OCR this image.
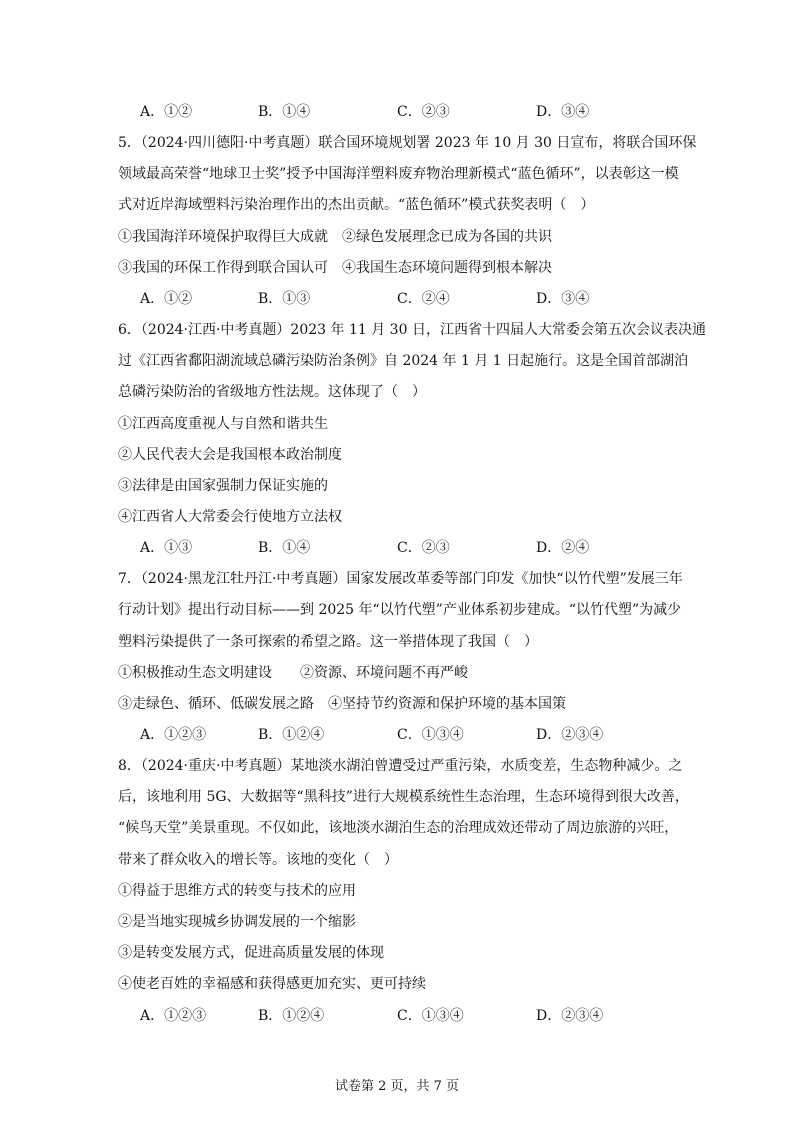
A．①②	B．①④	C．②③	D．③④
5．（2024·四川德阳·中考真题）联合国环境规划署 2023 年 10 月 30 日宣布，将联合国环保
领域最高荣誉“地球卫士奖”授予中国海洋塑料废弃物治理新模式“蓝色循环”，以表彰这一模
式对近岸海域塑料污染治理作出的杰出贡献。“蓝色循环”模式获奖表明（　）
①我国海洋环境保护取得巨大成就　②绿色发展理念已成为各国的共识
③我国的环保工作得到联合国认可　④我国生态环境问题得到根本解决
A．①②	B．①③	C．②④	D．③④
6．（2024·江西·中考真题）2023 年 11 月 30 日，江西省十四届人大常委会第五次会议表决通
过《江西省鄱阳湖流域总磷污染防治条例》自 2024 年 1 月 1 日起施行。这是全国首部湖泊
总磷污染防治的省级地方性法规。这体现了（　）
①江西高度重视人与自然和谐共生
②人民代表大会是我国根本政治制度
③法律是由国家强制力保证实施的
④江西省人大常委会行使地方立法权
A．①③	B．①④	C．②③	D．②④
7．（2024·黑龙江牡丹江·中考真题）国家发展改革委等部门印发《加快“以竹代塑”发展三年
行动计划》提出行动目标——到 2025 年“以竹代塑”产业体系初步建成。“以竹代塑”为减少
塑料污染提供了一条可探索的希望之路。这一举措体现了我国（　）
①积极推动生态文明建设　　②资源、环境问题不再严峻
③走绿色、循环、低碳发展之路　④坚持节约资源和保护环境的基本国策
A．①②③	B．①②④	C．①③④	D．②③④
8．（2024·重庆·中考真题）某地淡水湖泊曾遭受过严重污染，水质变差，生态物种减少。之
后，该地利用 5G、大数据等“黑科技”进行大规模系统性生态治理，生态环境得到很大改善，
“候鸟天堂”美景重现。不仅如此，该地淡水湖泊生态的治理成效还带动了周边旅游的兴旺，
带来了群众收入的增长等。该地的变化（　）
①得益于思维方式的转变与技术的应用
②是当地实现城乡协调发展的一个缩影
③是转变发展方式，促进高质量发展的体现
④使老百姓的幸福感和获得感更加充实、更可持续
A．①②③	B．①②④	C．①③④	D．②③④
试卷第 2 页，共 7 页
